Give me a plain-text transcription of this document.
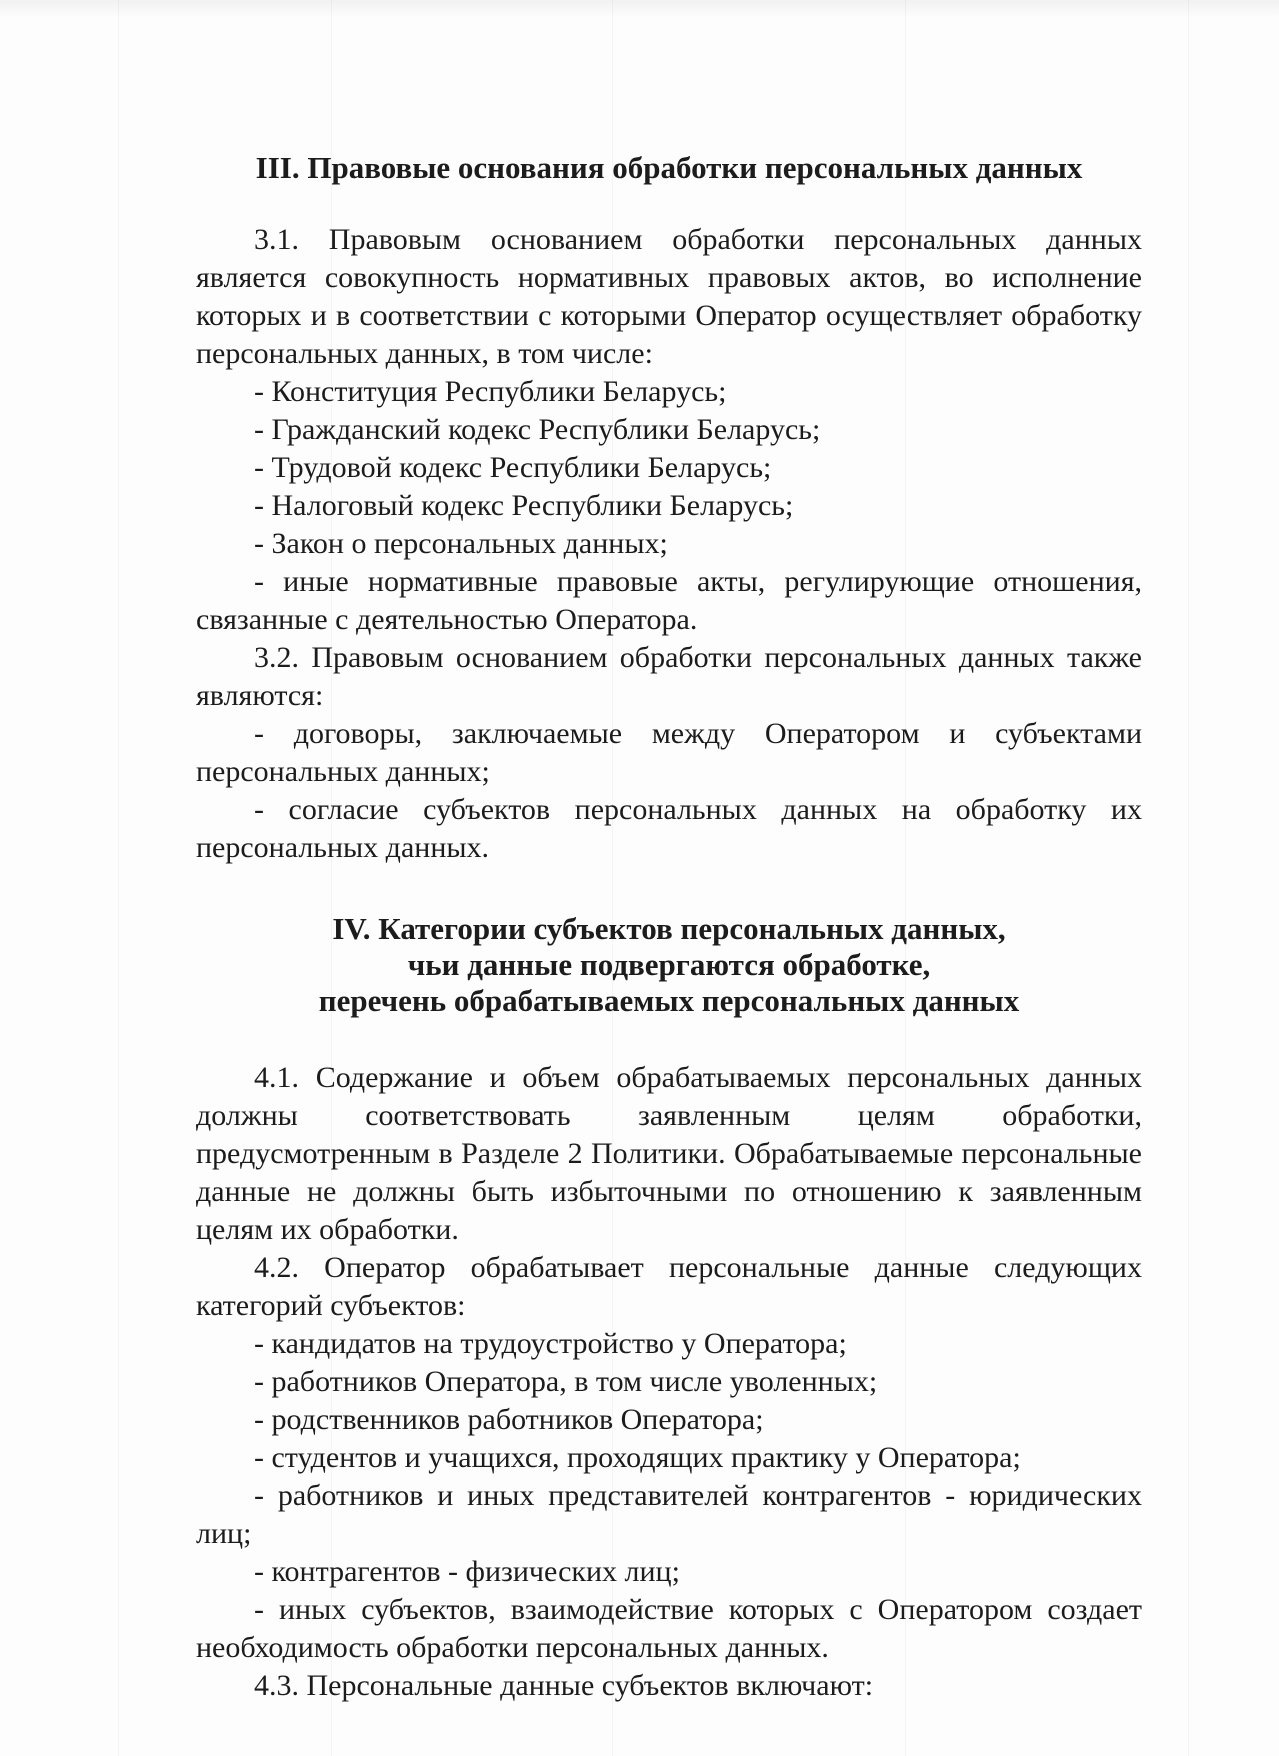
III. Правовые основания обработки персональных данных

3.1. Правовым основанием обработки персональных данных является совокупность нормативных правовых актов, во исполнение которых и в соответствии с которыми Оператор осуществляет обработку персональных данных, в том числе:

- Конституция Республики Беларусь;

- Гражданский кодекс Республики Беларусь;

- Трудовой кодекс Республики Беларусь;

- Налоговый кодекс Республики Беларусь;

- Закон о персональных данных;

- иные нормативные правовые акты, регулирующие отношения, связанные с деятельностью Оператора.

3.2. Правовым основанием обработки персональных данных также являются:

- договоры, заключаемые между Оператором и субъектами персональных данных;

- согласие субъектов персональных данных на обработку их персональных данных.

IV. Категории субъектов персональных данных,
чьи данные подвергаются обработке,
перечень обрабатываемых персональных данных

4.1. Содержание и объем обрабатываемых персональных данных должны соответствовать заявленным целям обработки, предусмотренным в Разделе 2 Политики. Обрабатываемые персональные данные не должны быть избыточными по отношению к заявленным целям их обработки.

4.2. Оператор обрабатывает персональные данные следующих категорий субъектов:

- кандидатов на трудоустройство у Оператора;

- работников Оператора, в том числе уволенных;

- родственников работников Оператора;

- студентов и учащихся, проходящих практику у Оператора;

- работников и иных представителей контрагентов - юридических лиц;

- контрагентов - физических лиц;

- иных субъектов, взаимодействие которых с Оператором создает необходимость обработки персональных данных.

4.3. Персональные данные субъектов включают:
